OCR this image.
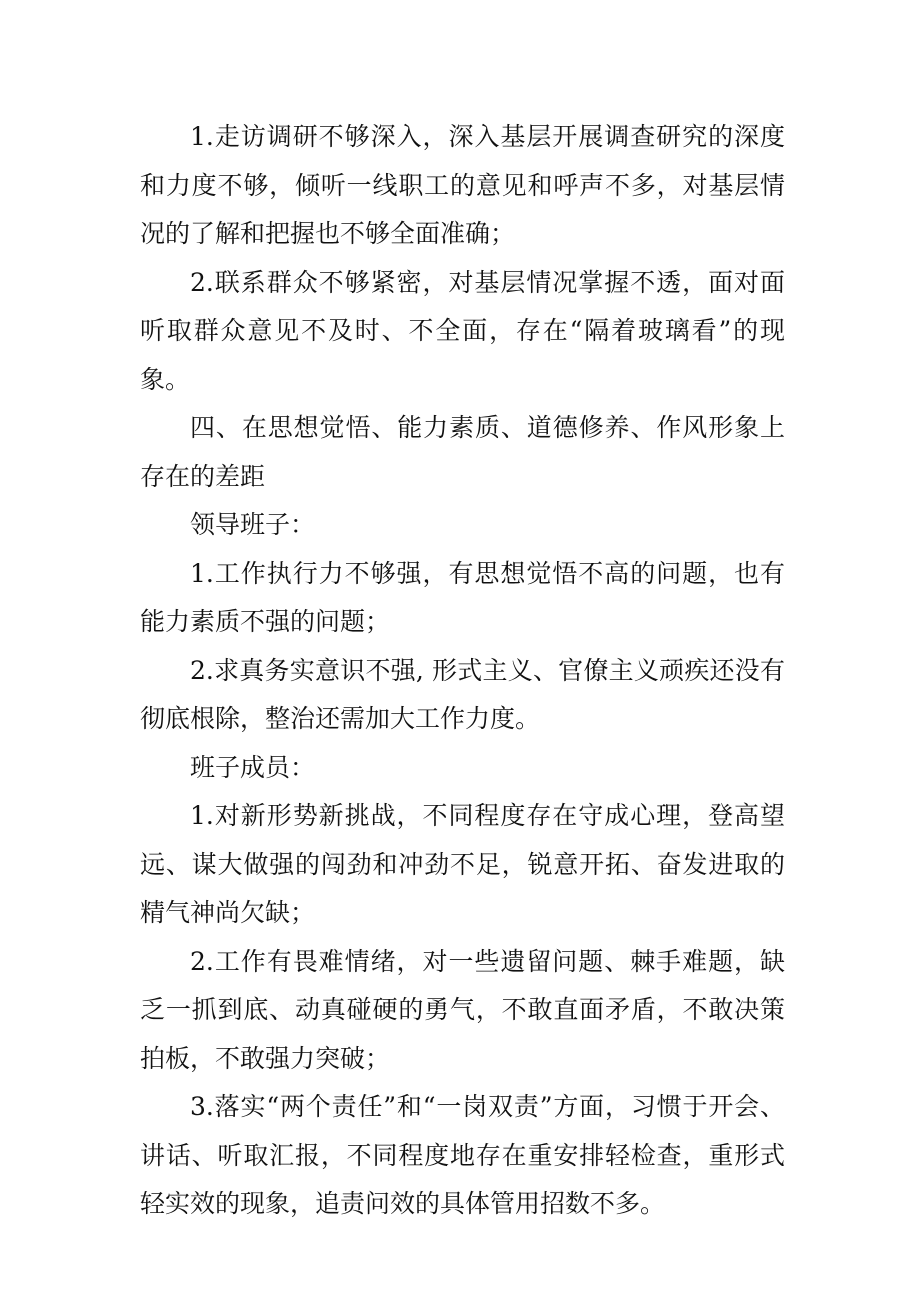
1.走访调研不够深入，深入基层开展调查研究的深度和力度不够，倾听一线职工的意见和呼声不多，对基层情况的了解和把握也不够全面准确；

2.联系群众不够紧密，对基层情况掌握不透，面对面听取群众意见不及时、不全面，存在“隔着玻璃看”的现象。

四、在思想觉悟、能力素质、道德修养、作风形象上存在的差距

领导班子：

1.工作执行力不够强，有思想觉悟不高的问题，也有能力素质不强的问题；

2.求真务实意识不强, 形式主义、官僚主义顽疾还没有彻底根除，整治还需加大工作力度。

班子成员：

1.对新形势新挑战，不同程度存在守成心理，登高望远、谋大做强的闯劲和冲劲不足，锐意开拓、奋发进取的精气神尚欠缺；

2.工作有畏难情绪，对一些遗留问题、棘手难题，缺乏一抓到底、动真碰硬的勇气，不敢直面矛盾，不敢决策拍板，不敢强力突破；

3.落实“两个责任”和“一岗双责”方面，习惯于开会、讲话、听取汇报，不同程度地存在重安排轻检查，重形式轻实效的现象，追责问效的具体管用招数不多。
